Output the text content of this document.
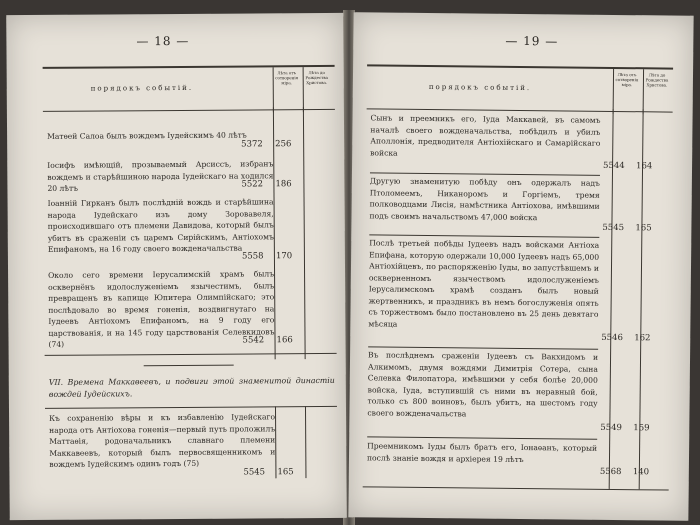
— 18 —
порядокъ событій.
Лѣта отъ сотворенія міра.
Лѣта до Рождества Христова.
Матѳей Салоа былъ вождемъ Іудейскимъ 40 лѣтъ
5372 256
Іосифъ имѣющій, прозываемый Арсиссъ, избранъ вождемъ и старѣйшиною народа Іудейскаго на ходился 20 лѣтъ	5522 186
Іоанній Гирканъ былъ послѣдній вождь и старѣйшина народа Іудейскаго изъ дому Зоровавеля, происходившаго отъ племени Давидова, который былъ убитъ въ сраженіи съ царемъ Сирійскимъ, Антіохомъ Епифаномъ, на 16 году своего вожденачальства
5558 170
Около сего времени Іерусалимскій храмъ былъ осквернёнъ идолослуженіемъ язычестимъ, былъ превращенъ въ капище Юпитера Олимпійскаго; это послѣдовало во время гоненія, воздвигнутаго на Іудеевъ Антіохомъ Епифаномъ, на 9 году его царствованія, и на 145 году царствованія Селевкидовъ (74)	5542 166
VII. Времена Маккавеевъ, и подвиги этой знаменитой династіи вождей Іудейскихъ.
Къ сохраненію вѣры и къ избавленію Іудейскаго народа отъ Антіохова гоненія—первый путь проложилъ Маттаѳія, родоначальникъ славнаго племени Маккавеевъ, который былъ первосвященникомъ и вождемъ Іудейскимъ одинъ годъ (75)
5545 165
— 19 —
порядокъ событій.
Лѣта отъ сотворенія міра.
Лѣта до Рождества Христова.
Сынъ и преемникъ его, Іуда Маккавей, въ самомъ началѣ своего вожденачальства, побѣдилъ и убилъ Аполлонія, предводителя Антіохійскаго и Самарійскаго войска
5544 164
Другую знаменитую побѣду онъ одержалъ надъ Птоломеемъ, Никаноромъ и Горгіемъ, тремя полководцами Лисія, намѣстника Антіохова, имѣвшими подъ своимъ начальствомъ 47,000 войска
5545 165
Послѣ третьей побѣды Іудеевъ надъ войсками Антіоха Епифана, которую одержали 10,000 Іудеевъ надъ 65,000 Антіохійцевъ, по распоряженію Іуды, во запустѣвшемъ и оскверненномъ язычествомъ идолослуженіемъ Іерусалимскомъ храмѣ созданъ былъ новый жертвенникъ, и праздникъ въ немъ богослуженія опять съ торжествомъ было постановлено въ 25 день девятаго мѣсяца
5546 162
Въ послѣднемъ сраженіи Іудеевъ съ Вакхидомъ и Алкимомъ, двумя вождями Димитрія Сотера, сына Селевка Филопатора, имѣвшими у себя болѣе 20,000 войска, Іуда, вступившій съ ними въ неравный бой, только съ 800 воиновъ, былъ убитъ, на шестомъ году своего вожденачальства
5549 159
Преемникомъ Іуды былъ братъ его, Іонаѳанъ, который послѣ знаніе вождя и архіерея 19 лѣтъ
5568 140
